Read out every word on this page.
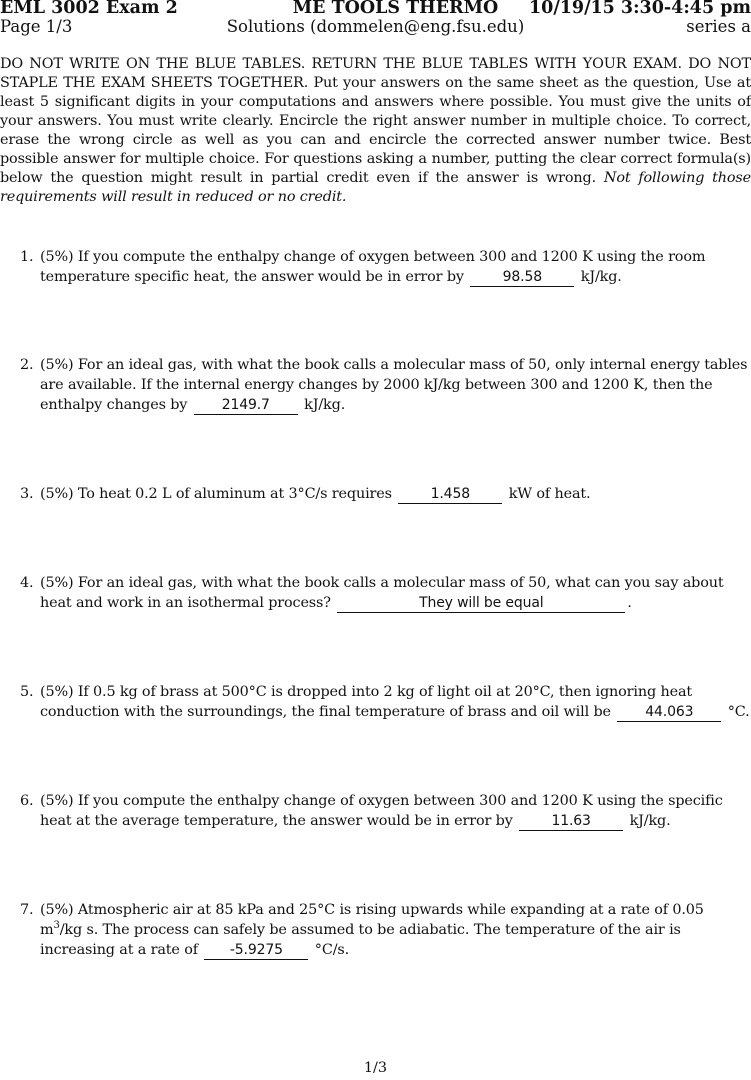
EML 3002 Exam 2	ME TOOLS THERMO	10/19/15 3:30-4:45 pm
Page 1/3	Solutions (dommelen@eng.fsu.edu)	series a
DO NOT WRITE ON THE BLUE TABLES. RETURN THE BLUE TABLES WITH YOUR EXAM. DO NOT STAPLE THE EXAM SHEETS TOGETHER. Put your answers on the same sheet as the question, Use at least 5 significant digits in your computations and answers where possible. You must give the units of your answers. You must write clearly. Encircle the right answer number in multiple choice. To correct, erase the wrong circle as well as you can and encircle the corrected answer number twice. Best possible answer for multiple choice. For questions asking a number, putting the clear correct formula(s) below the question might result in partial credit even if the answer is wrong. Not following those requirements will result in reduced or no credit.
1. (5%) If you compute the enthalpy change of oxygen between 300 and 1200 K using the room temperature specific heat, the answer would be in error by	98.58	kJ/kg.
2. (5%) For an ideal gas, with what the book calls a molecular mass of 50, only internal energy tables are available. If the internal energy changes by 2000 kJ/kg between 300 and 1200 K, then the enthalpy changes by 2149.7 kJ/kg.
3. (5%) To heat 0.2 L of aluminum at 3°C/s requires	1.458	kW of heat.
4. (5%) For an ideal gas, with what the book calls a molecular mass of 50, what can you say about heat and work in an isothermal process?	They will be equal	.
5. (5%) If 0.5 kg of brass at 500°C is dropped into 2 kg of light oil at 20°C, then ignoring heat conduction with the surroundings, the final temperature of brass and oil will be 44.063 °C.
6. (5%) If you compute the enthalpy change of oxygen between 300 and 1200 K using the specific heat at the average temperature, the answer would be in error by	11.63	kJ/kg.
7. (5%) Atmospheric air at 85 kPa and 25°C is rising upwards while expanding at a rate of 0.05 $m^3/kg$ s. The process can safely be assumed to be adiabatic. The temperature of the air is increasing at a rate of -5.9275 °C/s.
1/3
